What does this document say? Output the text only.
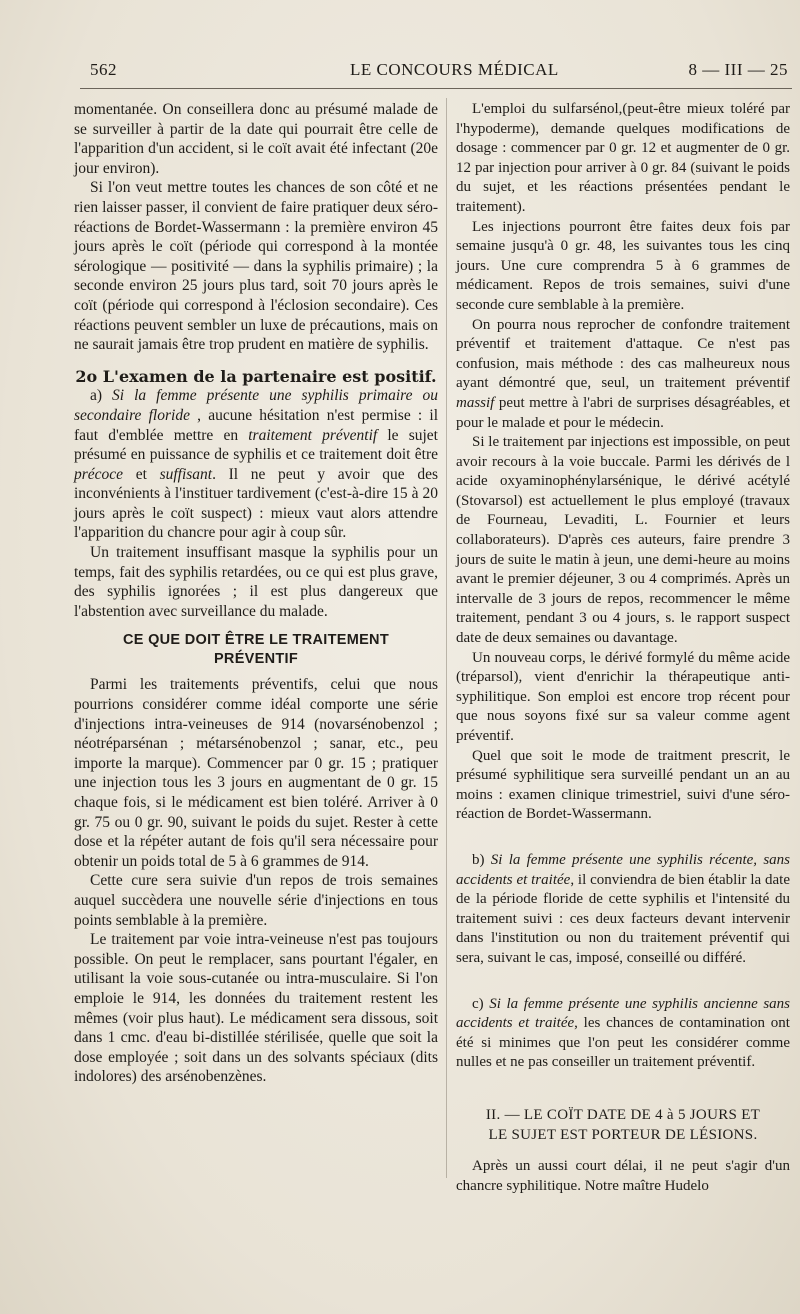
562	LE CONCOURS MÉDICAL	8 — III — 25

momentanée. On conseillera donc au présumé malade de se surveiller à partir de la date qui pourrait être celle de l'apparition d'un accident, si le coït avait été infectant (20e jour environ).

Si l'on veut mettre toutes les chances de son côté et ne rien laisser passer, il convient de faire pratiquer deux séro-réactions de Bordet-Wassermann : la première environ 45 jours après le coït (période qui correspond à la montée sérologique — positivité — dans la syphilis primaire) ; la seconde environ 25 jours plus tard, soit 70 jours après le coït (période qui correspond à l'éclosion secondaire). Ces réactions peuvent sembler un luxe de précautions, mais on ne saurait jamais être trop prudent en matière de syphilis.

2o L'examen de la partenaire est positif.

a) Si la femme présente une syphilis primaire ou secondaire floride , aucune hésitation n'est permise : il faut d'emblée mettre en traitement préventif le sujet présumé en puissance de syphilis et ce traitement doit être précoce et suffisant. Il ne peut y avoir que des inconvénients à l'instituer tardivement (c'est-à-dire 15 à 20 jours après le coït suspect) : mieux vaut alors attendre l'apparition du chancre pour agir à coup sûr.

Un traitement insuffisant masque la syphilis pour un temps, fait des syphilis retardées, ou ce qui est plus grave, des syphilis ignorées ; il est plus dangereux que l'abstention avec surveillance du malade.

CE QUE DOIT ÊTRE LE TRAITEMENT
PRÉVENTIF

Parmi les traitements préventifs, celui que nous pourrions considérer comme idéal comporte une série d'injections intra-veineuses de 914 (novarsénobenzol ; néotréparsénan ; métarsénobenzol ; sanar, etc., peu importe la marque). Commencer par 0 gr. 15 ; pratiquer une injection tous les 3 jours en augmentant de 0 gr. 15 chaque fois, si le médicament est bien toléré. Arriver à 0 gr. 75 ou 0 gr. 90, suivant le poids du sujet. Rester à cette dose et la répéter autant de fois qu'il sera nécessaire pour obtenir un poids total de 5 à 6 grammes de 914.

Cette cure sera suivie d'un repos de trois semaines auquel succèdera une nouvelle série d'injections en tous points semblable à la première.

Le traitement par voie intra-veineuse n'est pas toujours possible. On peut le remplacer, sans pourtant l'égaler, en utilisant la voie sous-cutanée ou intra-musculaire. Si l'on emploie le 914, les données du traitement restent les mêmes (voir plus haut). Le médicament sera dissous, soit dans 1 cmc. d'eau bi-distillée stérilisée, quelle que soit la dose employée ; soit dans un des solvants spéciaux (dits indolores) des arsénobenzènes.

L'emploi du sulfarsénol,(peut-être mieux toléré par l'hypoderme), demande quelques modifications de dosage : commencer par 0 gr. 12 et augmenter de 0 gr. 12 par injection pour arriver à 0 gr. 84 (suivant le poids du sujet, et les réactions présentées pendant le traitement).

Les injections pourront être faites deux fois par semaine jusqu'à 0 gr. 48, les suivantes tous les cinq jours. Une cure comprendra 5 à 6 grammes de médicament. Repos de trois semaines, suivi d'une seconde cure semblable à la première.

On pourra nous reprocher de confondre traitement préventif et traitement d'attaque. Ce n'est pas confusion, mais méthode : des cas malheureux nous ayant démontré que, seul, un traitement préventif massif peut mettre à l'abri de surprises désagréables, et pour le malade et pour le médecin.

Si le traitement par injections est impossible, on peut avoir recours à la voie buccale. Parmi les dérivés de l acide oxyaminophénylarsénique, le dérivé acétylé (Stovarsol) est actuellement le plus employé (travaux de Fourneau, Levaditi, L. Fournier et leurs collaborateurs). D'après ces auteurs, faire prendre 3 jours de suite le matin à jeun, une demi-heure au moins avant le premier déjeuner, 3 ou 4 comprimés. Après un intervalle de 3 jours de repos, recommencer le même traitement, pendant 3 ou 4 jours, s. le rapport suspect date de deux semaines ou davantage.

Un nouveau corps, le dérivé formylé du même acide (tréparsol), vient d'enrichir la thérapeutique anti-syphilitique. Son emploi est encore trop récent pour que nous soyons fixé sur sa valeur comme agent préventif.

Quel que soit le mode de traitment prescrit, le présumé syphilitique sera surveillé pendant un an au moins : examen clinique trimestriel, suivi d'une séro-réaction de Bordet-Wassermann.

b) Si la femme présente une syphilis récente, sans accidents et traitée, il conviendra de bien établir la date de la période floride de cette syphilis et l'intensité du traitement suivi : ces deux facteurs devant intervenir dans l'institution ou non du traitement préventif qui sera, suivant le cas, imposé, conseillé ou différé.

c) Si la femme présente une syphilis ancienne sans accidents et traitée, les chances de contamination ont été si minimes que l'on peut les considérer comme nulles et ne pas conseiller un traitement préventif.

II. — LE COÏT DATE DE 4 à 5 JOURS ET

LE SUJET EST PORTEUR DE LÉSIONS.

Après un aussi court délai, il ne peut s'agir d'un chancre syphilitique. Notre maître Hudelo
